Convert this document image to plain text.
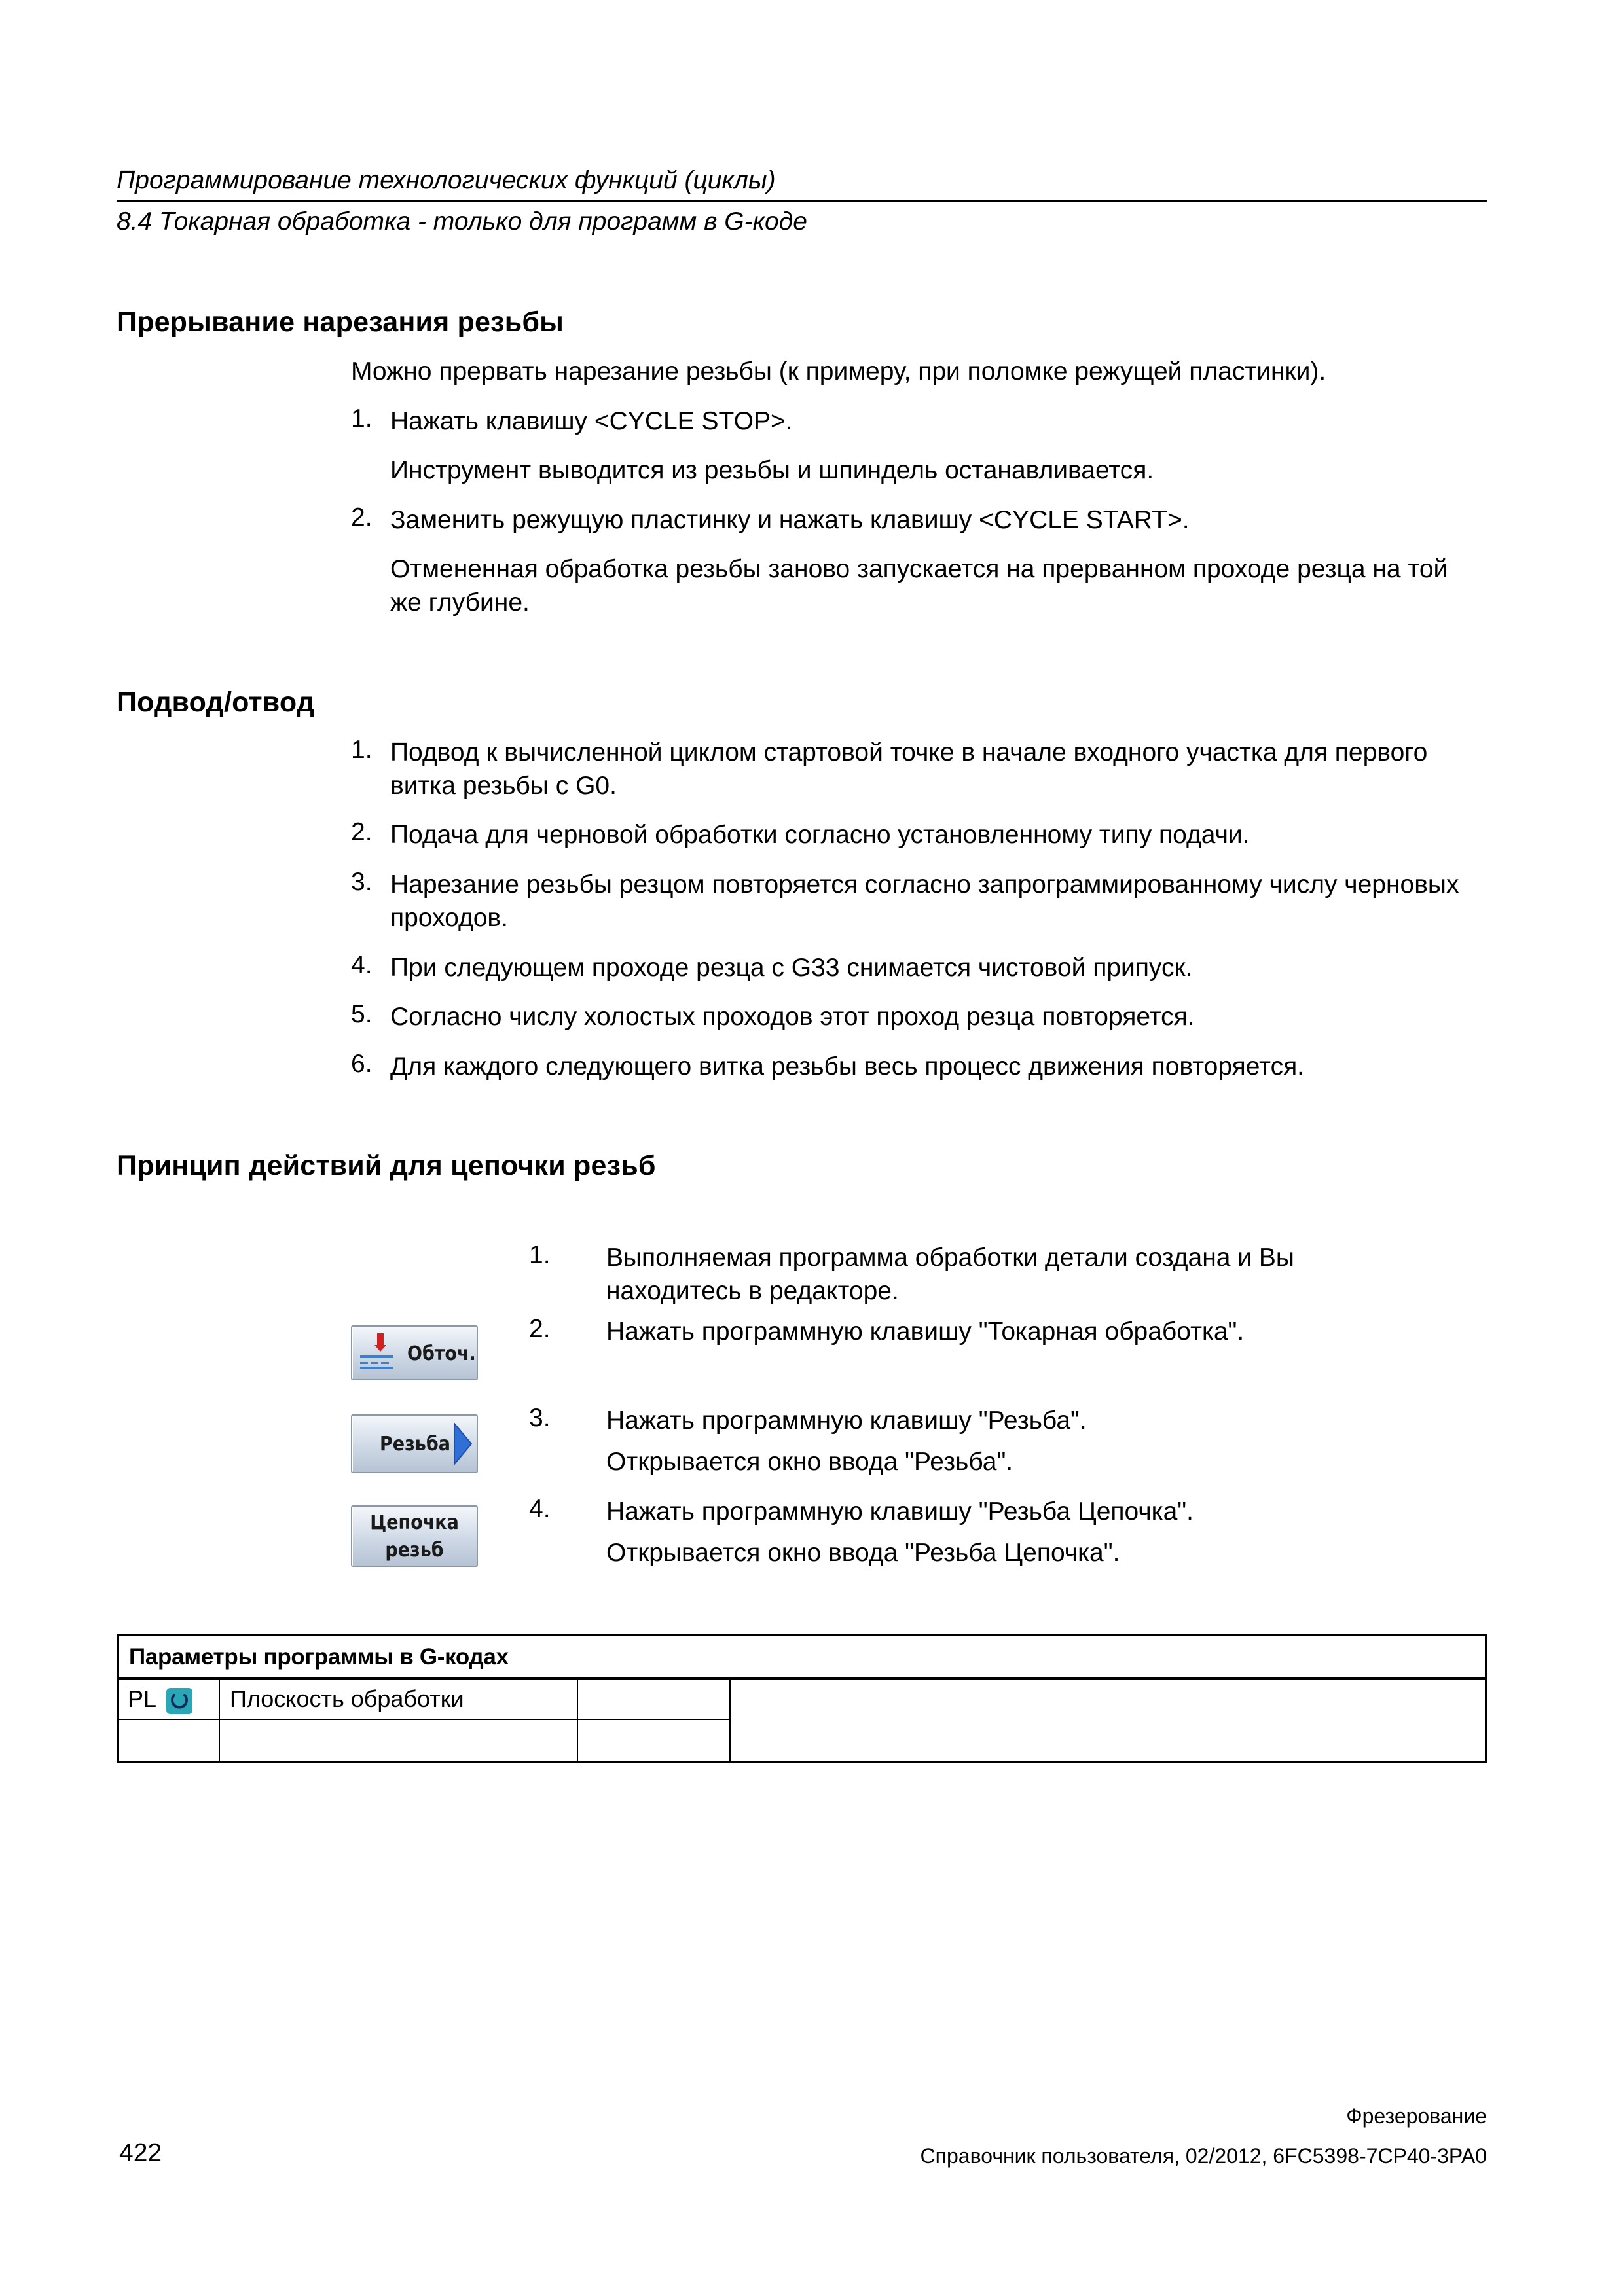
Программирование технологических функций (циклы)
8.4 Токарная обработка - только для программ в G-коде
Прерывание нарезания резьбы
Можно прервать нарезание резьбы (к примеру, при поломке режущей пластинки).
1. Нажать клавишу <CYCLE STOP>.
Инструмент выводится из резьбы и шпиндель останавливается.
2. Заменить режущую пластинку и нажать клавишу <CYCLE START>.
Отмененная обработка резьбы заново запускается на прерванном проходе резца на той же глубине.
Подвод/отвод
1. Подвод к вычисленной циклом стартовой точке в начале входного участка для первого витка резьбы с G0.
2. Подача для черновой обработки согласно установленному типу подачи.
3. Нарезание резьбы резцом повторяется согласно запрограммированному числу черновых проходов.
4. При следующем проходе резца с G33 снимается чистовой припуск.
5. Согласно числу холостых проходов этот проход резца повторяется.
6. Для каждого следующего витка резьбы весь процесс движения повторяется.
Принцип действий для цепочки резьб
1. Выполняемая программа обработки детали создана и Вы находитесь в редакторе.
Обточ.
2. Нажать программную клавишу "Токарная обработка".
Резьба
3. Нажать программную клавишу "Резьба".
Открывается окно ввода "Резьба".
Цепочка
резьб
4. Нажать программную клавишу "Резьба Цепочка".
Открывается окно ввода "Резьба Цепочка".
Параметры программы в G-кодах
PL	Плоскость обработки
Фрезерование
422	Справочник пользователя, 02/2012, 6FC5398-7CP40-3PA0
